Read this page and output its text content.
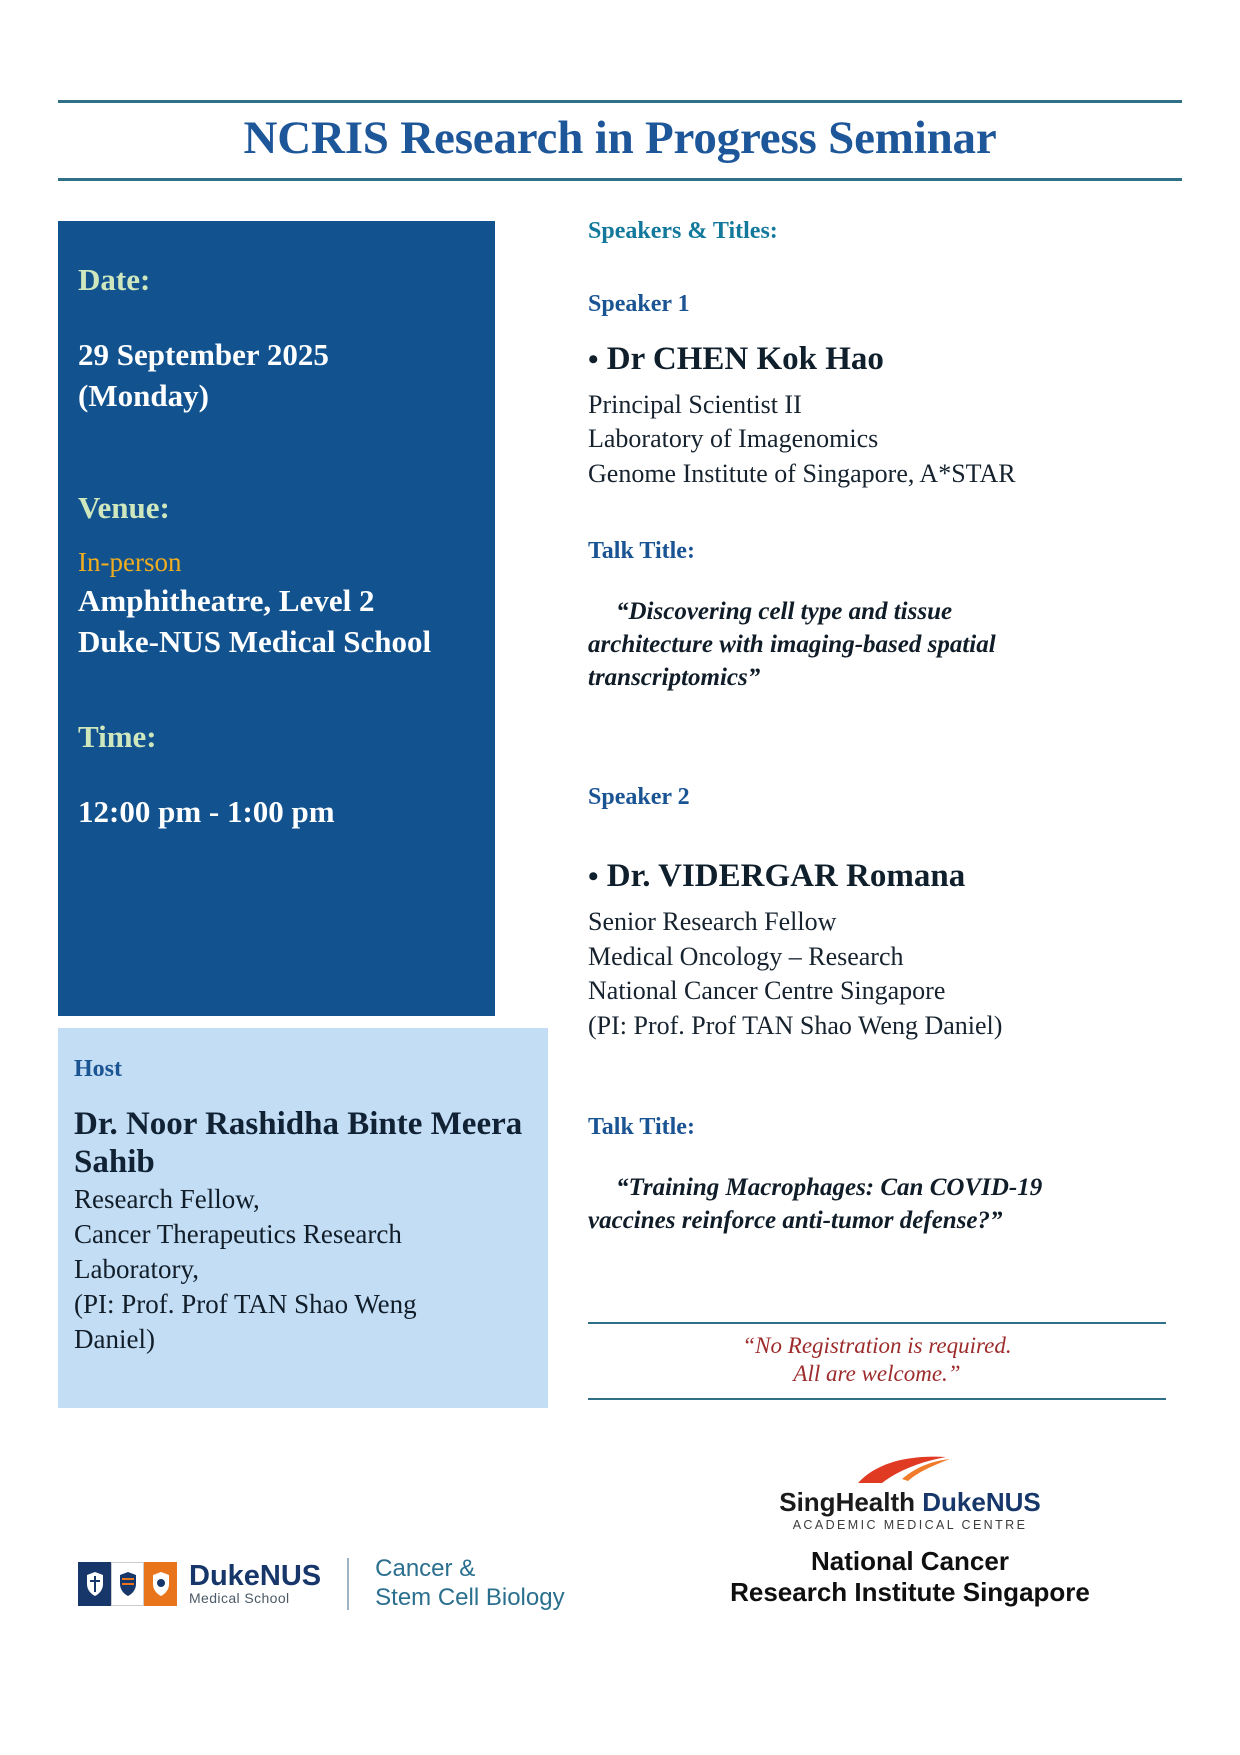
NCRIS Research in Progress Seminar
Date:
29 September 2025
(Monday)
Venue:
In-person
Amphitheatre, Level 2
Duke-NUS Medical School
Time:
12:00 pm - 1:00 pm
Host
Dr. Noor Rashidha Binte Meera Sahib
Research Fellow,
Cancer Therapeutics Research
Laboratory,
(PI: Prof. Prof TAN Shao Weng
Daniel)
Speakers & Titles:
Speaker 1
• Dr CHEN Kok Hao
Principal Scientist II
Laboratory of Imagenomics
Genome Institute of Singapore, A*STAR
Talk Title:
“Discovering cell type and tissue
architecture with imaging-based spatial
transcriptomics”
Speaker 2
• Dr. VIDERGAR Romana
Senior Research Fellow
Medical Oncology – Research
National Cancer Centre Singapore
(PI: Prof. Prof TAN Shao Weng Daniel)
Talk Title:
“Training Macrophages: Can COVID-19
vaccines reinforce anti-tumor defense?”
“No Registration is required.
All are welcome.”
DukeNUS
Medical School
Cancer &
Stem Cell Biology
SingHealth DukeNUS
ACADEMIC MEDICAL CENTRE
National Cancer
Research Institute Singapore
